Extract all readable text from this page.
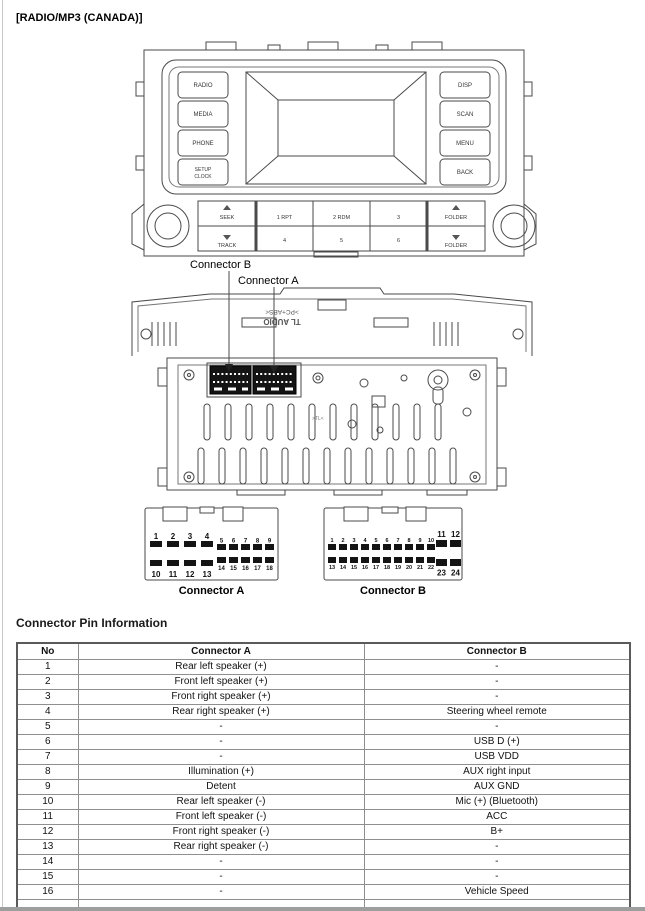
[RADIO/MP3 (CANADA)]
RADIO
MEDIA
PHONE
SETUP
CLOCK
DISP
SCAN
MENU
BACK
SEEK	1 RPT	2 RDM	3	FOLDER
TRACK
4	5	6
FOLDER
TL AUDIO
>PC+ABS<
>TL<
Connector B
Connector A
1 2 3 4
5 6 7 8 9
10 11 12 13
14 15 16 17 18
Connector A
1 2 3 4 5 6 7 8 9 10
11 12
13 14 15 16 17 18 19 20 21 22
23 24
Connector B
Connector Pin Information
No	Connector A	Connector B
1	Rear left speaker (+)	-
2	Front left speaker (+)	-
3	Front right speaker (+)	-
4	Rear right speaker (+)	Steering wheel remote
5	-	-
6	-	USB D (+)
7	-	USB VDD
8	Illumination (+)	AUX right input
9	Detent	AUX GND
10	Rear left speaker (-)	Mic (+) (Bluetooth)
11	Front left speaker (-)	ACC
12	Front right speaker (-)	B+
13	Rear right speaker (-)	-
14	-	-
15	-	-
16	-	Vehicle Speed
